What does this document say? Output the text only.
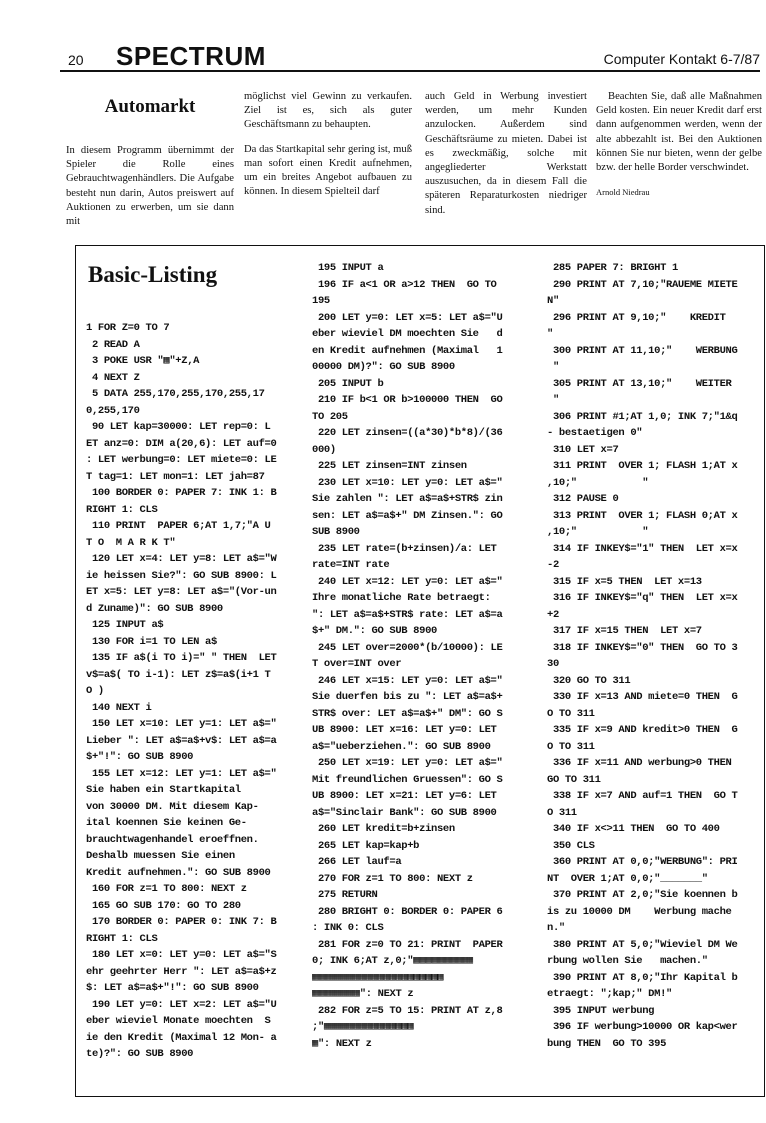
20 SPECTRUM	Computer Kontakt 6-7/87
Automarkt

In diesem Programm übernimmt der Spieler die Rolle eines Gebrauchtwagenhändlers. Die Aufgabe besteht nun darin, Autos preiswert auf Auktionen zu erwerben, um sie dann mit

möglichst viel Gewinn zu verkaufen. Ziel ist es, sich als guter Geschäftsmann zu behaupten.

Da das Startkapital sehr gering ist, muß man sofort einen Kredit aufnehmen, um ein breites Angebot aufbauen zu können. In diesem Spielteil darf

auch Geld in Werbung investiert werden, um mehr Kunden anzulocken. Außerdem sind Geschäftsräume zu mieten. Dabei ist es zweckmäßig, solche mit angegliederter Werkstatt auszusuchen, da in diesem Fall die späteren Reparaturkosten niedriger sind.

Beachten Sie, daß alle Maßnahmen Geld kosten. Ein neuer Kredit darf erst dann aufgenommen werden, wenn der alte abbezahlt ist. Bei den Auktionen können Sie nur bieten, wenn der gelbe bzw. der helle Border verschwindet.

Arnold Niedrau
Basic-Listing
1 FOR Z=0 TO 7
2 READ A
3 POKE USR "▦"+Z,A
4 NEXT Z
5 DATA 255,170,255,170,255,17
0,255,170
90 LET kap=30000: LET rep=0: L
ET anz=0: DIM a(20,6): LET auf=0
: LET werbung=0: LET miete=0: LE
T tag=1: LET mon=1: LET jah=87
100 BORDER 0: PAPER 7: INK 1: B
RIGHT 1: CLS
110 PRINT  PAPER 6;AT 1,7;"A U
T O  M A R K T"
120 LET x=4: LET y=8: LET a$="W
ie heissen Sie?": GO SUB 8900: L
ET x=5: LET y=8: LET a$="(Vor-un
d Zuname)": GO SUB 8900
125 INPUT a$
130 FOR i=1 TO LEN a$
135 IF a$(i TO i)=" " THEN  LET
v$=a$( TO i-1): LET z$=a$(i+1 T
O )
140 NEXT i
150 LET x=10: LET y=1: LET a$="
Lieber ": LET a$=a$+v$: LET a$=a
$+"!": GO SUB 8900
155 LET x=12: LET y=1: LET a$="
Sie haben ein Startkapital
von 30000 DM. Mit diesem Kap-
ital koennen Sie keinen Ge-
brauchtwagenhandel eroeffnen.
Deshalb muessen Sie einen
Kredit aufnehmen.": GO SUB 8900
160 FOR z=1 TO 800: NEXT z
165 GO SUB 170: GO TO 280
170 BORDER 0: PAPER 0: INK 7: B
RIGHT 1: CLS
180 LET x=0: LET y=0: LET a$="S
ehr geehrter Herr ": LET a$=a$+z
$: LET a$=a$+"!": GO SUB 8900
190 LET y=0: LET x=2: LET a$="U
eber wieviel Monate moechten  S
ie den Kredit (Maximal 12 Mon- a
te)?": GO SUB 8900
195 INPUT a
196 IF a<1 OR a>12 THEN  GO TO
195
200 LET y=0: LET x=5: LET a$="U
eber wieviel DM moechten Sie   d
en Kredit aufnehmen (Maximal   1
00000 DM)?": GO SUB 8900
205 INPUT b
210 IF b<1 OR b>100000 THEN  GO
TO 205
220 LET zinsen=((a*30)*b*8)/(36
000)
225 LET zinsen=INT zinsen
230 LET x=10: LET y=0: LET a$="
Sie zahlen ": LET a$=a$+STR$ zin
sen: LET a$=a$+" DM Zinsen.": GO
SUB 8900
235 LET rate=(b+zinsen)/a: LET
rate=INT rate
240 LET x=12: LET y=0: LET a$="
Ihre monatliche Rate betraegt:
": LET a$=a$+STR$ rate: LET a$=a
$+" DM.": GO SUB 8900
245 LET over=2000*(b/10000): LE
T over=INT over
246 LET x=15: LET y=0: LET a$="
Sie duerfen bis zu ": LET a$=a$+
STR$ over: LET a$=a$+" DM": GO S
UB 8900: LET x=16: LET y=0: LET
a$="ueberziehen.": GO SUB 8900
250 LET x=19: LET y=0: LET a$="
Mit freundlichen Gruessen": GO S
UB 8900: LET x=21: LET y=6: LET
a$="Sinclair Bank": GO SUB 8900
260 LET kredit=b+zinsen
265 LET kap=kap+b
266 LET lauf=a
270 FOR z=1 TO 800: NEXT z
275 RETURN
280 BRIGHT 0: BORDER 0: PAPER 6
: INK 0: CLS
281 FOR z=0 TO 21: PRINT  PAPER
0; INK 6;AT z,0;"▦▦▦▦▦▦▦▦▦▦
▦▦▦▦▦▦▦▦▦▦▦▦▦▦▦▦▦▦▦▦▦▦
▦▦▦▦▦▦▦▦": NEXT z
282 FOR z=5 TO 15: PRINT AT z,8
;"▦▦▦▦▦▦▦▦▦▦▦▦▦▦▦
▦": NEXT z
285 PAPER 7: BRIGHT 1
290 PRINT AT 7,10;"RAUEME MIETE
N"
296 PRINT AT 9,10;"    KREDIT
"
300 PRINT AT 11,10;"    WERBUNG
"
305 PRINT AT 13,10;"    WEITER
"
306 PRINT #1;AT 1,0; INK 7;"1&q
- bestaetigen 0"
310 LET x=7
311 PRINT  OVER 1; FLASH 1;AT x
,10;"           "
312 PAUSE 0
313 PRINT  OVER 1; FLASH 0;AT x
,10;"           "
314 IF INKEY$="1" THEN  LET x=x
-2
315 IF x=5 THEN  LET x=13
316 IF INKEY$="q" THEN  LET x=x
+2
317 IF x=15 THEN  LET x=7
318 IF INKEY$="0" THEN  GO TO 3
30
320 GO TO 311
330 IF x=13 AND miete=0 THEN  G
O TO 311
335 IF x=9 AND kredit>0 THEN  G
O TO 311
336 IF x=11 AND werbung>0 THEN
GO TO 311
338 IF x=7 AND auf=1 THEN  GO T
O 311
340 IF x<>11 THEN  GO TO 400
350 CLS
360 PRINT AT 0,0;"WERBUNG": PRI
NT  OVER 1;AT 0,0;"_______"
370 PRINT AT 2,0;"Sie koennen b
is zu 10000 DM    Werbung mache
n."
380 PRINT AT 5,0;"Wieviel DM We
rbung wollen Sie   machen."
390 PRINT AT 8,0;"Ihr Kapital b
etraegt: ";kap;" DM!"
395 INPUT werbung
396 IF werbung>10000 OR kap<wer
bung THEN  GO TO 395
